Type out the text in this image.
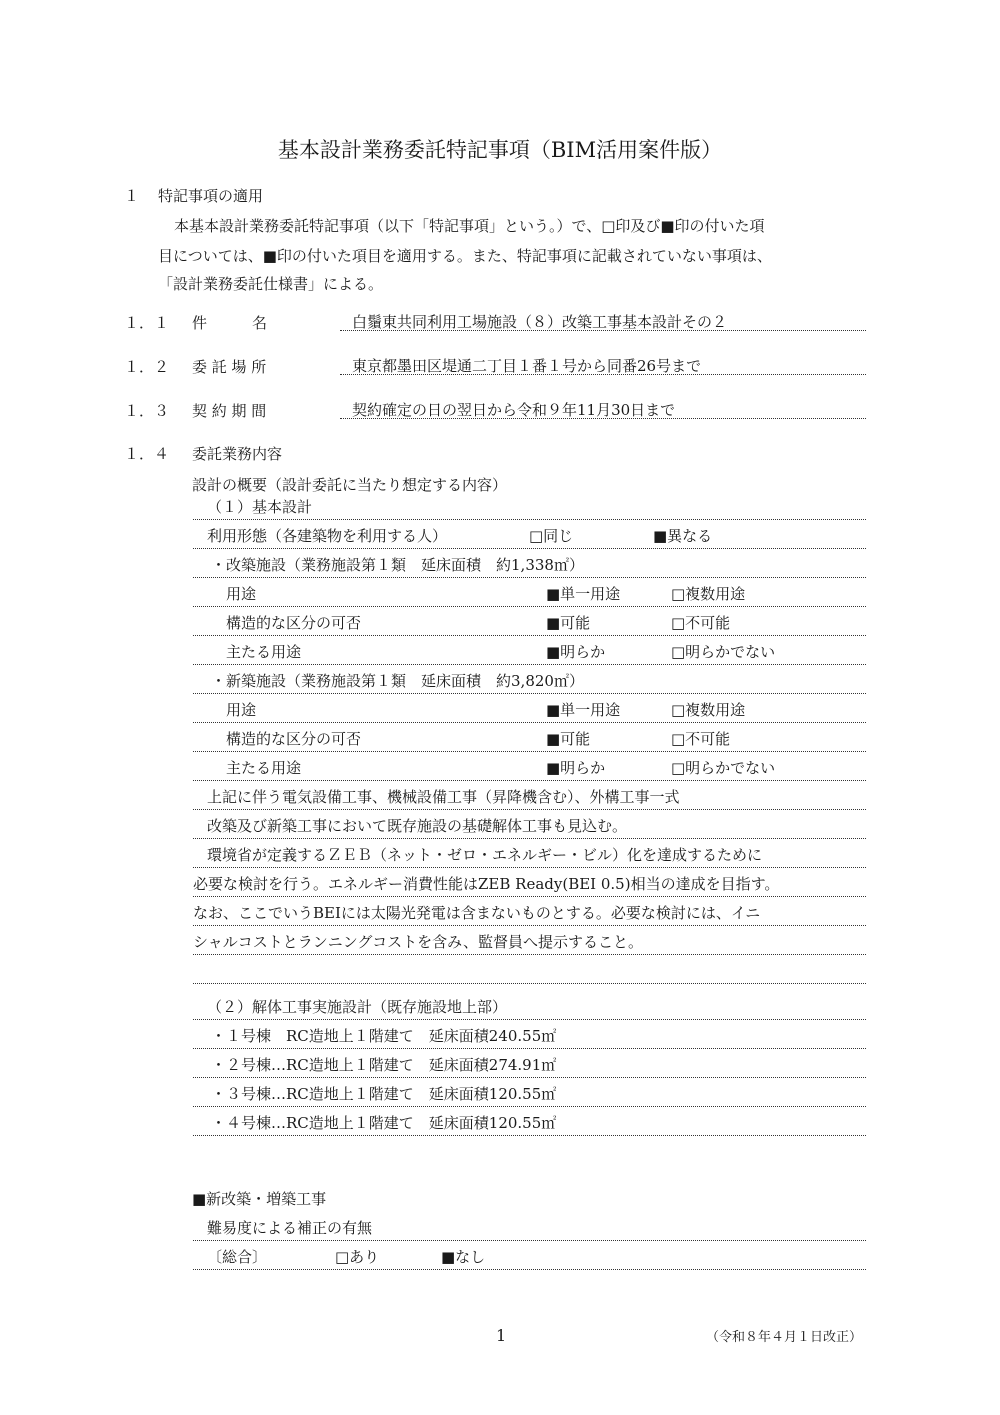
基本設計業務委託特記事項（BIM活用案件版）
１ 特記事項の適用
本基本設計業務委託特記事項（以下「特記事項」という。）で、□印及び■印の付いた項
目については、■印の付いた項目を適用する。また、特記事項に記載されていない事項は、
「設計業務委託仕様書」による。
１．１ 件　　　名	白鬚東共同利用工場施設（８）改築工事基本設計その２
１．２ 委 託 場 所	東京都墨田区堤通二丁目１番１号から同番26号まで
１．３ 契 約 期 間	契約確定の日の翌日から令和９年11月30日まで
１．４ 委託業務内容
設計の概要（設計委託に当たり想定する内容）
（１）基本設計
利用形態（各建築物を利用する人）	□同じ	■異なる
・改築施設（業務施設第１類　延床面積　約1,338㎡）
用途	■単一用途	□複数用途
構造的な区分の可否	■可能	□不可能
主たる用途	■明らか	□明らかでない
・新築施設（業務施設第１類　延床面積　約3,820㎡）
用途	■単一用途	□複数用途
構造的な区分の可否	■可能	□不可能
主たる用途	■明らか	□明らかでない
上記に伴う電気設備工事、機械設備工事（昇降機含む）、外構工事一式
改築及び新築工事において既存施設の基礎解体工事も見込む。
環境省が定義するＺＥＢ（ネット・ゼロ・エネルギー・ビル）化を達成するために
必要な検討を行う。エネルギー消費性能はZEB Ready(BEI 0.5)相当の達成を目指す。
なお、ここでいうBEIには太陽光発電は含まないものとする。必要な検討には、イニ
シャルコストとランニングコストを含み、監督員へ提示すること。
（２）解体工事実施設計（既存施設地上部）
・１号棟　RC造地上１階建て　延床面積240.55㎡
・２号棟…RC造地上１階建て　延床面積274.91㎡
・３号棟…RC造地上１階建て　延床面積120.55㎡
・４号棟…RC造地上１階建て　延床面積120.55㎡
■新改築・増築工事
難易度による補正の有無
〔総合〕	□あり	■なし
1	（令和８年４月１日改正）
